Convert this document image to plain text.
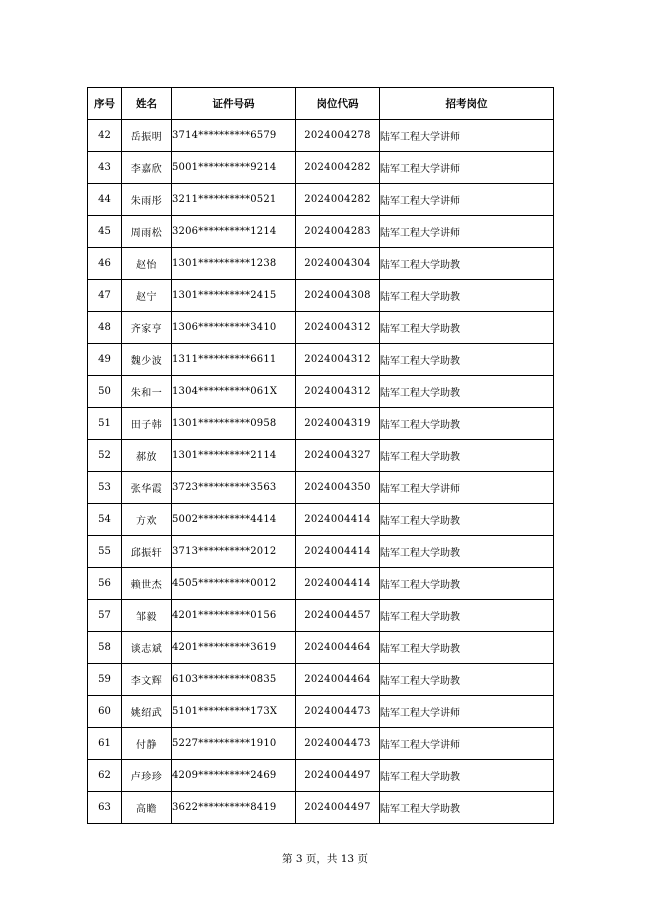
序号	姓名	证件号码	岗位代码	招考岗位
42	岳振明	3714**********6579	2024004278	陆军工程大学讲师
43	李嘉欣	5001**********9214	2024004282	陆军工程大学讲师
44	朱雨彤	3211**********0521	2024004282	陆军工程大学讲师
45	周雨松	3206**********1214	2024004283	陆军工程大学讲师
46	赵怡	1301**********1238	2024004304	陆军工程大学助教
47	赵宁	1301**********2415	2024004308	陆军工程大学助教
48	齐家亨	1306**********3410	2024004312	陆军工程大学助教
49	魏少波	1311**********6611	2024004312	陆军工程大学助教
50	朱和一	1304**********061X	2024004312	陆军工程大学助教
51	田子韩	1301**********0958	2024004319	陆军工程大学助教
52	郝放	1301**********2114	2024004327	陆军工程大学助教
53	张华霞	3723**********3563	2024004350	陆军工程大学讲师
54	方欢	5002**********4414	2024004414	陆军工程大学助教
55	邱振轩	3713**********2012	2024004414	陆军工程大学助教
56	赖世杰	4505**********0012	2024004414	陆军工程大学助教
57	邹毅	4201**********0156	2024004457	陆军工程大学助教
58	谈志斌	4201**********3619	2024004464	陆军工程大学助教
59	李文辉	6103**********0835	2024004464	陆军工程大学助教
60	姚绍武	5101**********173X	2024004473	陆军工程大学讲师
61	付静	5227**********1910	2024004473	陆军工程大学讲师
62	卢珍珍	4209**********2469	2024004497	陆军工程大学助教
63	高瞻	3622**********8419	2024004497	陆军工程大学助教
第 3 页，共 13 页
